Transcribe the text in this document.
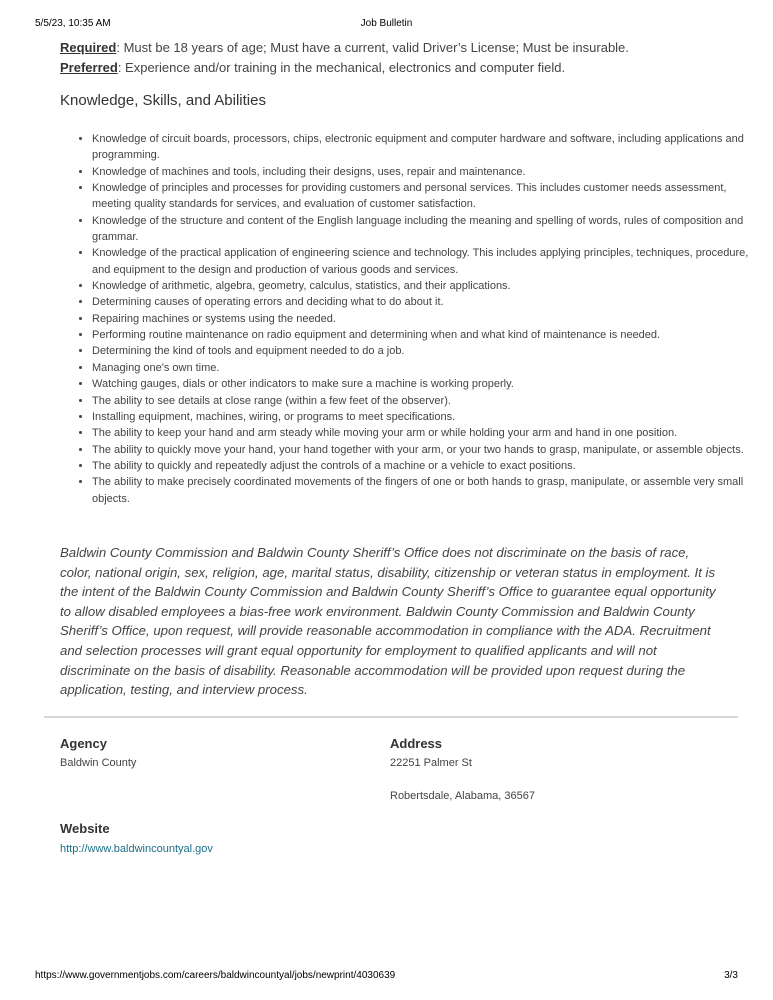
5/5/23, 10:35 AM	Job Bulletin
Required: Must be 18 years of age; Must have a current, valid Driver’s License; Must be insurable.
Preferred: Experience and/or training in the mechanical, electronics and computer field.
Knowledge, Skills, and Abilities
• Knowledge of circuit boards, processors, chips, electronic equipment and computer hardware and software, including applications and programming.
• Knowledge of machines and tools, including their designs, uses, repair and maintenance.
• Knowledge of principles and processes for providing customers and personal services. This includes customer needs assessment, meeting quality standards for services, and evaluation of customer satisfaction.
• Knowledge of the structure and content of the English language including the meaning and spelling of words, rules of composition and grammar.
• Knowledge of the practical application of engineering science and technology. This includes applying principles, techniques, procedure, and equipment to the design and production of various goods and services.
• Knowledge of arithmetic, algebra, geometry, calculus, statistics, and their applications.
• Determining causes of operating errors and deciding what to do about it.
• Repairing machines or systems using the needed.
• Performing routine maintenance on radio equipment and determining when and what kind of maintenance is needed.
• Determining the kind of tools and equipment needed to do a job.
• Managing one's own time.
• Watching gauges, dials or other indicators to make sure a machine is working properly.
• The ability to see details at close range (within a few feet of the observer).
• Installing equipment, machines, wiring, or programs to meet specifications.
• The ability to keep your hand and arm steady while moving your arm or while holding your arm and hand in one position.
• The ability to quickly move your hand, your hand together with your arm, or your two hands to grasp, manipulate, or assemble objects.
• The ability to quickly and repeatedly adjust the controls of a machine or a vehicle to exact positions.
• The ability to make precisely coordinated movements of the fingers of one or both hands to grasp, manipulate, or assemble very small objects.
Baldwin County Commission and Baldwin County Sheriff’s Office does not discriminate on the basis of race, color, national origin, sex, religion, age, marital status, disability, citizenship or veteran status in employment. It is the intent of the Baldwin County Commission and Baldwin County Sheriff’s Office to guarantee equal opportunity to allow disabled employees a bias-free work environment. Baldwin County Commission and Baldwin County Sheriff’s Office, upon request, will provide reasonable accommodation in compliance with the ADA. Recruitment and selection processes will grant equal opportunity for employment to qualified applicants and will not discriminate on the basis of disability. Reasonable accommodation will be provided upon request during the application, testing, and interview process.
Agency
Baldwin County
Address
22251 Palmer St
Robertsdale, Alabama, 36567
Website
http://www.baldwincountyal.gov
https://www.governmentjobs.com/careers/baldwincountyal/jobs/newprint/4030639	3/3
